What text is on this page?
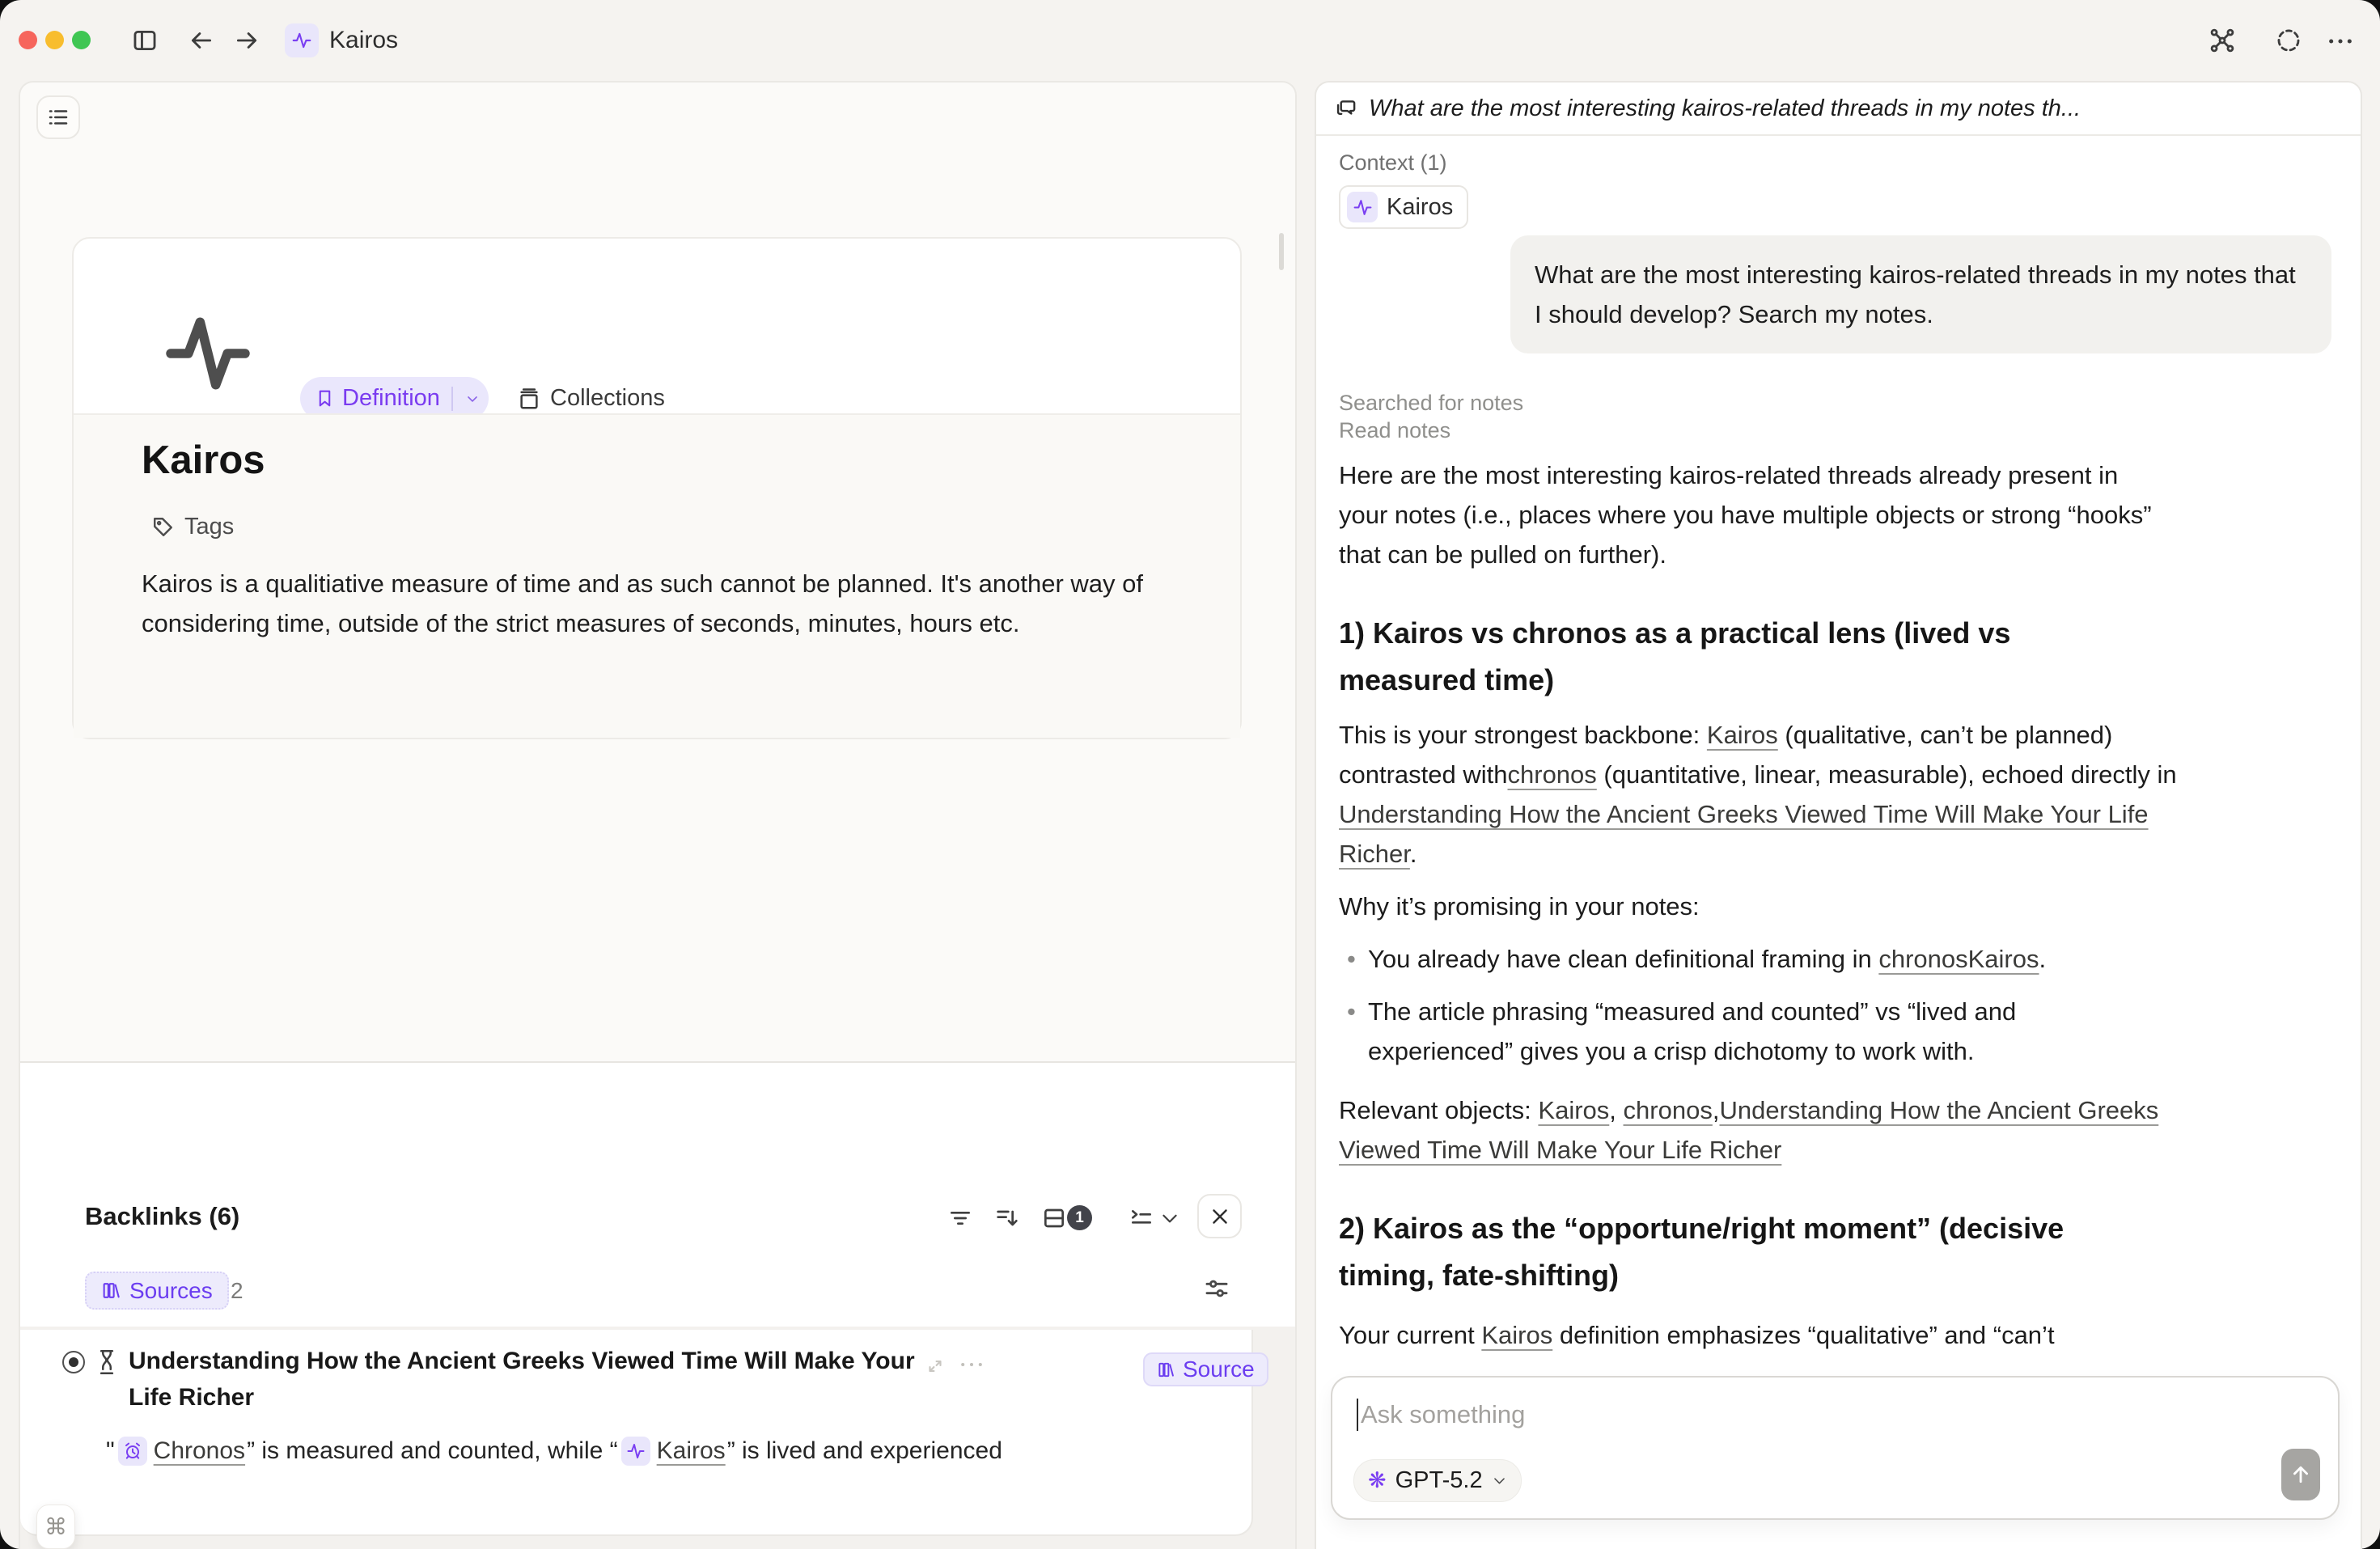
Kairos
Definition	Collections
Kairos
Tags

Kairos is a qualitiative measure of time and as such cannot be planned. It's another way of considering time, outside of the strict measures of seconds, minutes, hours etc.

Backlinks (6)	1
Sources 2
Understanding How the Ancient Greeks Viewed Time Will Make Your Life Richer
Source
" Chronos ” is measured and counted, while “ Kairos ” is lived and experienced
⌘
What are the most interesting kairos-related threads in my notes th...
Context (1)
Kairos
What are the most interesting kairos-related threads in my notes that I should develop? Search my notes.
Searched for notes
Read notes

Here are the most interesting kairos-related threads already present in your notes (i.e., places where you have multiple objects or strong “hooks” that can be pulled on further).

1) Kairos vs chronos as a practical lens (lived vs measured time)

This is your strongest backbone: Kairos (qualitative, can’t be planned) contrasted withchronos (quantitative, linear, measurable), echoed directly in Understanding How the Ancient Greeks Viewed Time Will Make Your Life Richer.

Why it’s promising in your notes:

• You already have clean definitional framing in chronosKairos.
• The article phrasing “measured and counted” vs “lived and experienced” gives you a crisp dichotomy to work with.

Relevant objects: Kairos, chronos,Understanding How the Ancient Greeks Viewed Time Will Make Your Life Richer

2) Kairos as the “opportune/right moment” (decisive timing, fate-shifting)

Your current Kairos definition emphasizes “qualitative” and “can’t

Ask something
❋ GPT-5.2
